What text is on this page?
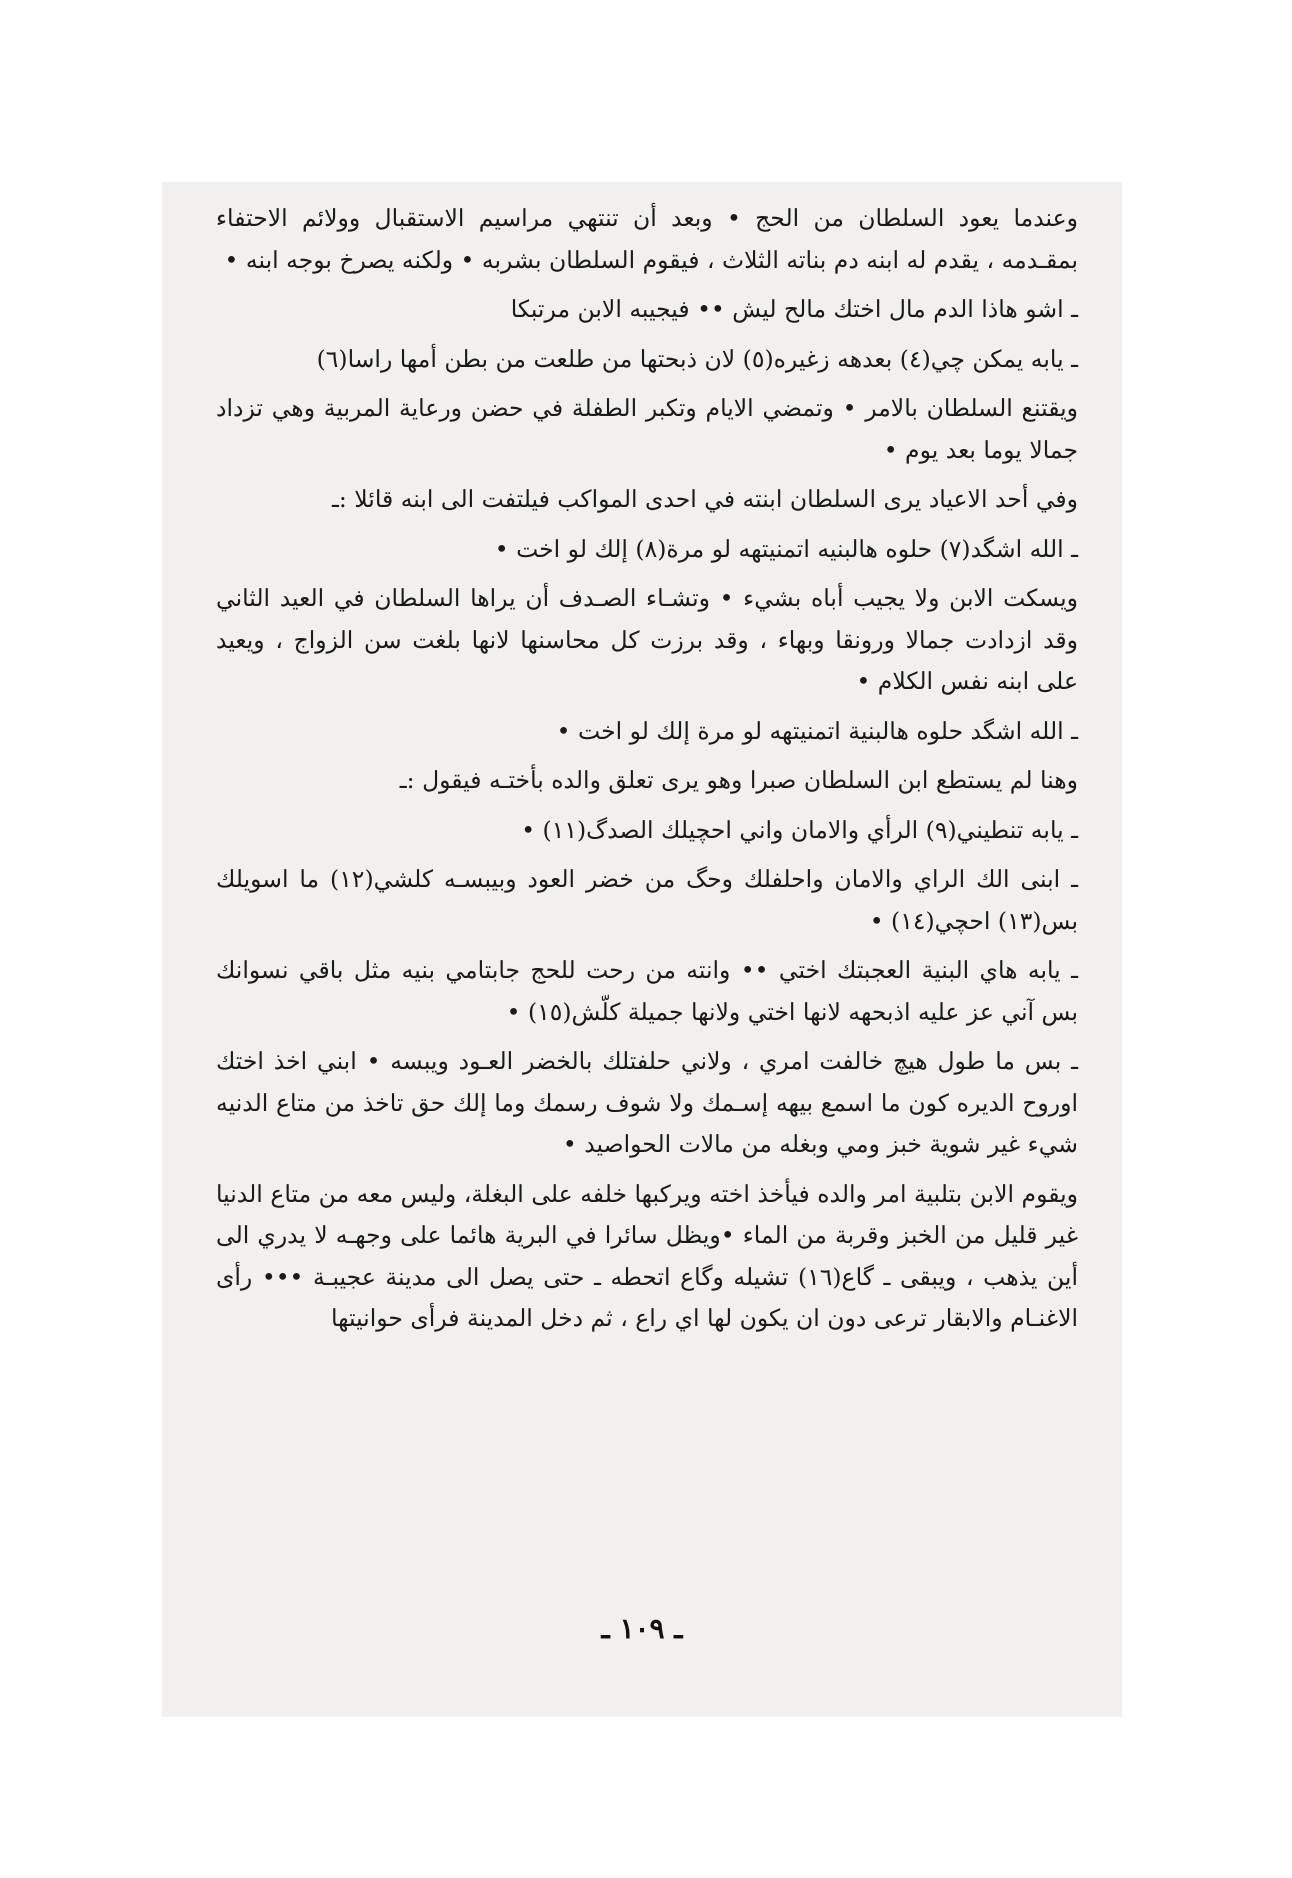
وعندما يعود السلطان من الحج • وبعد أن تنتهي مراسيم الاستقبال وولائم الاحتفاء بمقـدمه ، يقدم له ابنه دم بناته الثلاث ، فيقوم السلطان بشربه • ولكنه يصرخ بوجه ابنه •

ـ اشو هاذا الدم مال اختك مالح ليش •• فيجيبه الابن مرتبكا

ـ يابه يمكن چي(٤) بعدهه زغيره(٥) لان ذبحتها من طلعت من بطن أمها راسا(٦)

ويقتنع السلطان بالامر • وتمضي الايام وتكبر الطفلة في حضن ورعاية المربية وهي تزداد جمالا يوما بعد يوم •

وفي أحد الاعياد يرى السلطان ابنته في احدى المواكب فيلتفت الى ابنه قائلا :ـ

ـ الله اشگد(٧) حلوه هالبنيه اتمنيتهه لو مرة(٨) إلك لو اخت •

ويسكت الابن ولا يجيب أباه بشيء • وتشـاء الصـدف أن يراها السلطان في العيد الثاني وقد ازدادت جمالا ورونقا وبهاء ، وقد برزت كل محاسنها لانها بلغت سن الزواج ، ويعيد على ابنه نفس الكلام •

ـ الله اشگد حلوه هالبنية اتمنيتهه لو مرة إلك لو اخت •

وهنا لم يستطع ابن السلطان صبرا وهو يرى تعلق والده بأختـه فيقول :ـ

ـ يابه تنطيني(٩) الرأي والامان واني احچيلك الصدگ(١١) •

ـ ابنى الك الراي والامان واحلفلك وحگ من خضر العود وبيبسـه كلشي(١٢) ما اسويلك بس(١٣) احچي(١٤) •

ـ يابه هاي البنية العجبتك اختي •• وانته من رحت للحج جابتامي بنيه مثل باقي نسوانك بس آني عز عليه اذبحهه لانها اختي ولانها جميلة كلّش(١٥) •

ـ بس ما طول هيچ خالفت امري ، ولاني حلفتلك بالخضر العـود ويبسه • ابني اخذ اختك اوروح الديره كون ما اسمع بيهه إسـمك ولا شوف رسمك وما إلك حق تاخذ من متاع الدنيه شيء غير شوية خبز ومي وبغله من مالات الحواصيد •

ويقوم الابن بتلبية امر والده فيأخذ اخته ويركبها خلفه على البغلة، وليس معه من متاع الدنيا غير قليل من الخبز وقربة من الماء •ويظل سائرا في البرية هائما على وجهـه لا يدري الى أين يذهب ، ويبقى ـ گاع(١٦) تشيله وگاع اتحطه ـ حتى يصل الى مدينة عجيبـة ••• رأى الاغنـام والابقار ترعى دون ان يكون لها اي راع ، ثم دخل المدينة فرأى حوانيتها

ـ ١٠٩ ـ
